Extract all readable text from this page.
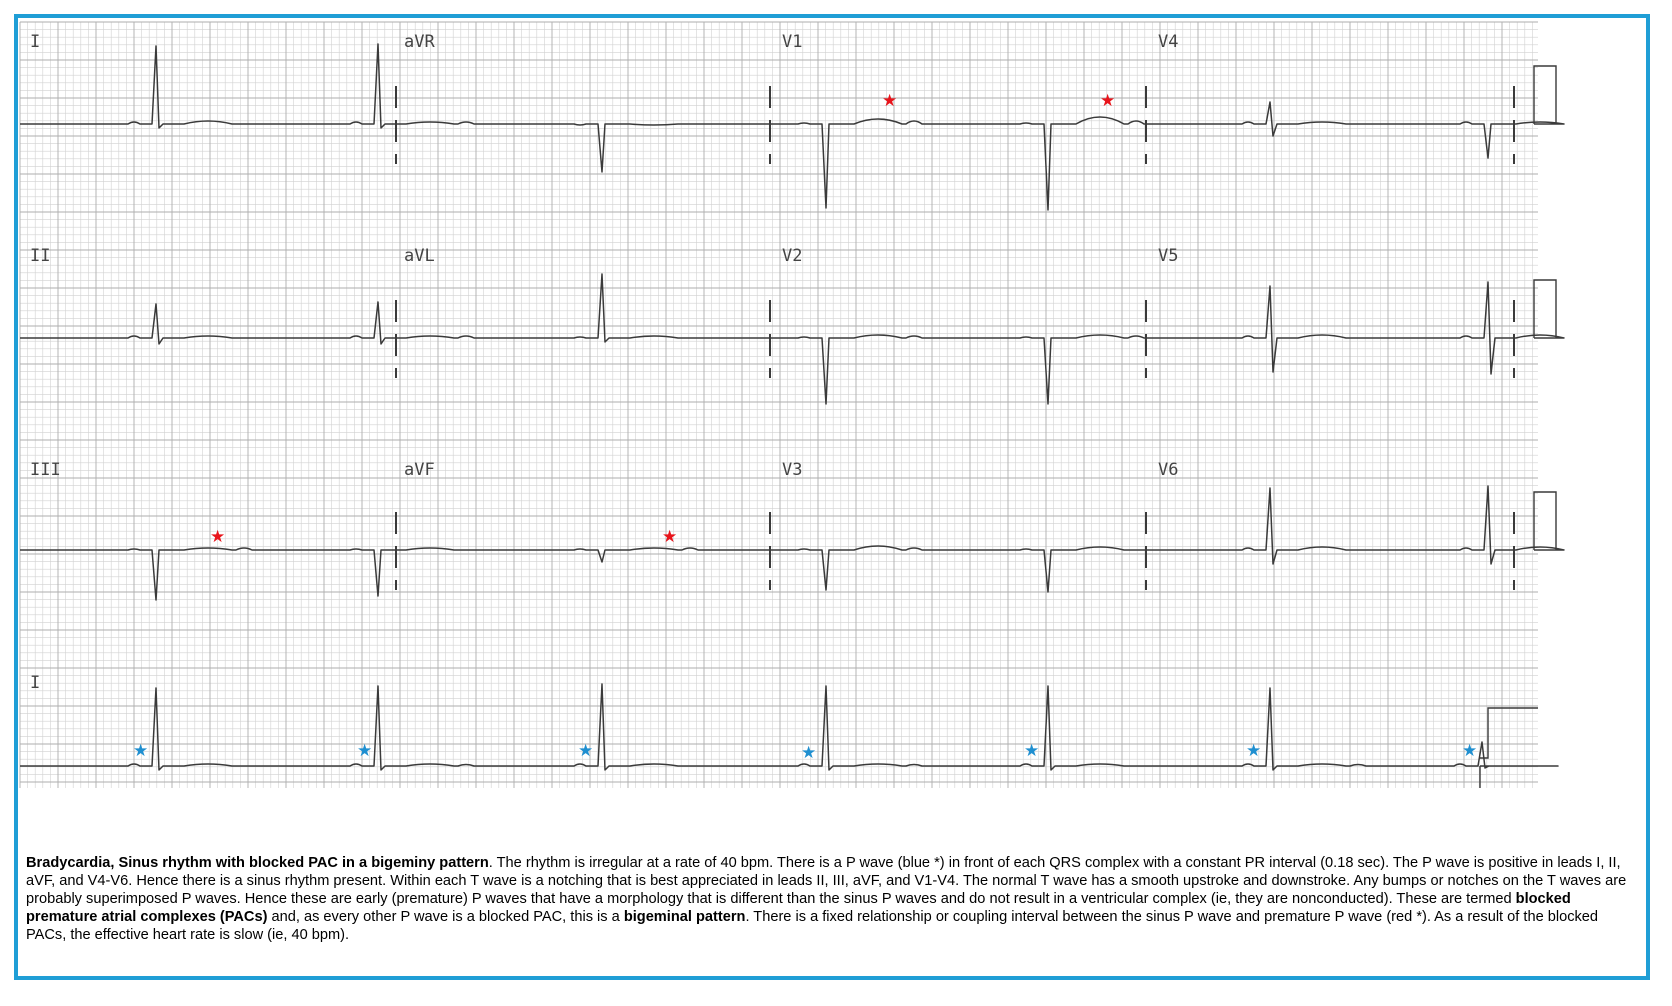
I	aVR	V1	V4
II	aVL	V2	V5
III	aVF	V3	V6
I
★	★
★	★
★	★	★	★	★	★	★

Bradycardia, Sinus rhythm with blocked PAC in a bigeminy pattern. The rhythm is irregular at a rate of 40 bpm. There is a P wave (blue *) in front of each QRS complex with a constant PR interval (0.18 sec). The P wave is positive in leads I, II, aVF, and V4-V6. Hence there is a sinus rhythm present. Within each T wave is a notching that is best appreciated in leads II, III, aVF, and V1-V4. The normal T wave has a smooth upstroke and downstroke. Any bumps or notches on the T waves are probably superimposed P waves. Hence these are early (premature) P waves that have a morphology that is different than the sinus P waves and do not result in a ventricular complex (ie, they are nonconducted). These are termed blocked premature atrial complexes (PACs) and, as every other P wave is a blocked PAC, this is a bigeminal pattern. There is a fixed relationship or coupling interval between the sinus P wave and premature P wave (red *). As a result of the blocked PACs, the effective heart rate is slow (ie, 40 bpm).
